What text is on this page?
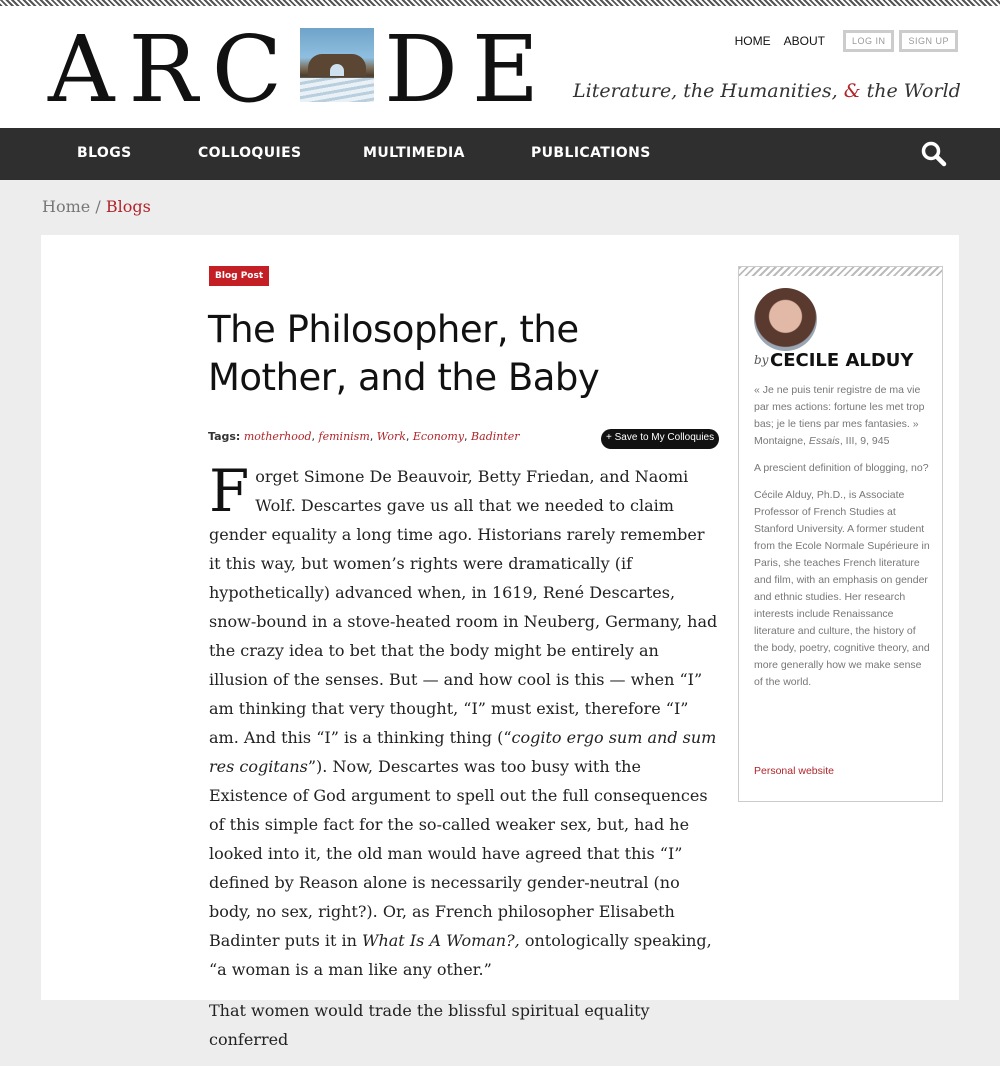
ARC DE Literature, the Humanities, & the World
HOME ABOUT	LOG IN	SIGN UP
BLOGS	COLLOQUIES	MULTIMEDIA	PUBLICATIONS
Home / Blogs
Blog Post
The Philosopher, the Mother, and the Baby
Tags: motherhood, feminism, Work, Economy, Badinter	+ Save to My Colloquies

Forget Simone De Beauvoir, Betty Friedan, and Naomi Wolf. Descartes gave us all that we needed to claim gender equality a long time ago. Historians rarely remember it this way, but women’s rights were dramatically (if hypothetically) advanced when, in 1619, René Descartes, snow-bound in a stove-heated room in Neuberg, Germany, had the crazy idea to bet that the body might be entirely an illusion of the senses. But — and how cool is this — when “I” am thinking that very thought, “I” must exist, therefore “I” am. And this “I” is a thinking thing (“cogito ergo sum and sum res cogitans”). Now, Descartes was too busy with the Existence of God argument to spell out the full consequences of this simple fact for the so-called weaker sex, but, had he looked into it, the old man would have agreed that this “I” defined by Reason alone is necessarily gender-neutral (no body, no sex, right?). Or, as French philosopher Elisabeth Badinter puts it in What Is A Woman?, ontologically speaking, “a woman is a man like any other.”

That women would trade the blissful spiritual equality conferred

by CECILE ALDUY

« Je ne puis tenir registre de ma vie par mes actions: fortune les met trop bas; je le tiens par mes fantasies. » Montaigne, Essais, III, 9, 945

A prescient definition of blogging, no?

Cécile Alduy, Ph.D., is Associate Professor of French Studies at Stanford University. A former student from the Ecole Normale Supérieure in Paris, she teaches French literature and film, with an emphasis on gender and ethnic studies. Her research interests include Renaissance literature and culture, the history of the body, poetry, cognitive theory, and more generally how we make sense of the world.

Personal website
